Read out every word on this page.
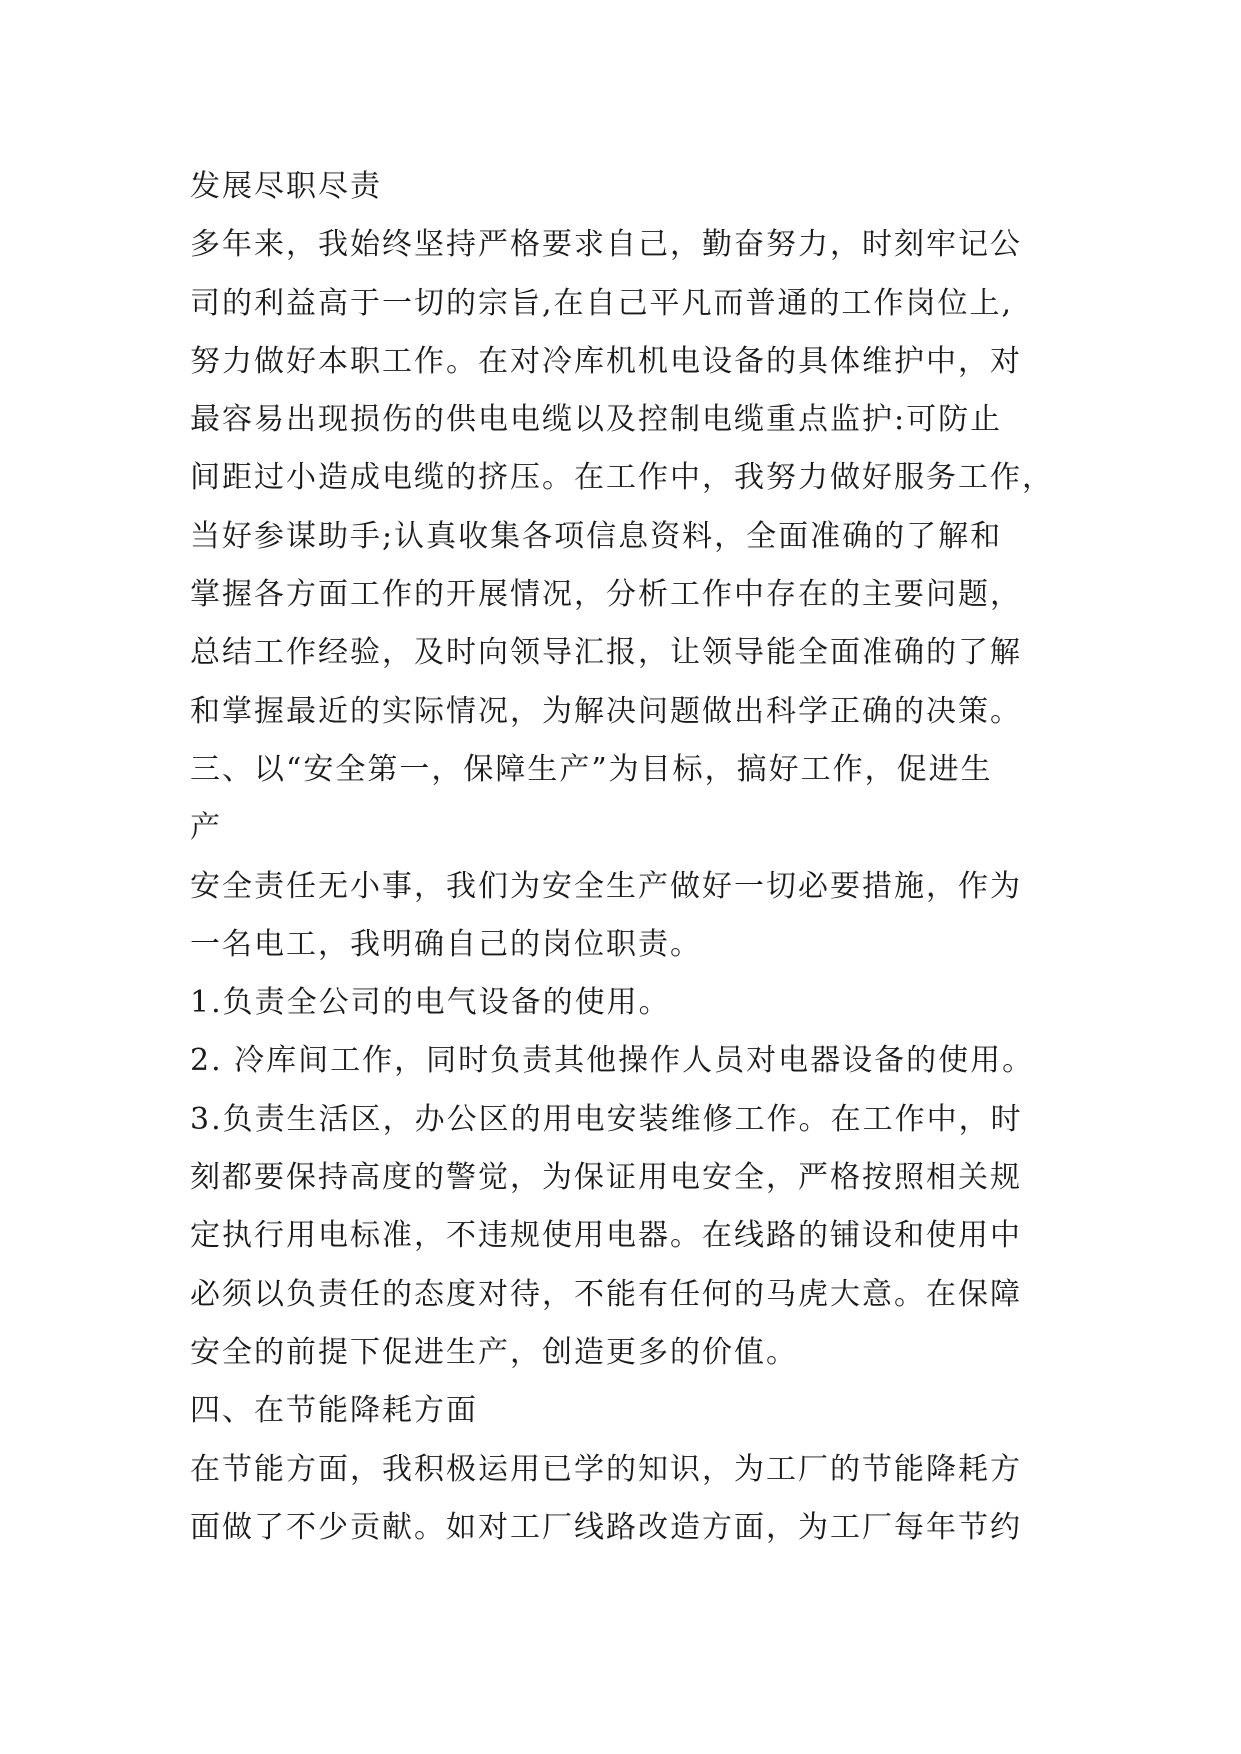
发展尽职尽责
多年来，我始终坚持严格要求自己，勤奋努力，时刻牢记公
司的利益高于一切的宗旨,在自己平凡而普通的工作岗位上,
努力做好本职工作。在对冷库机机电设备的具体维护中，对
最容易出现损伤的供电电缆以及控制电缆重点监护:可防止
间距过小造成电缆的挤压。在工作中，我努力做好服务工作，
当好参谋助手;认真收集各项信息资料，全面准确的了解和
掌握各方面工作的开展情况，分析工作中存在的主要问题，
总结工作经验，及时向领导汇报，让领导能全面准确的了解
和掌握最近的实际情况，为解决问题做出科学正确的决策。
三、以“安全第一，保障生产”为目标，搞好工作，促进生
产
安全责任无小事，我们为安全生产做好一切必要措施，作为
一名电工，我明确自己的岗位职责。
1.负责全公司的电气设备的使用。
2. 冷库间工作，同时负责其他操作人员对电器设备的使用。
3.负责生活区，办公区的用电安装维修工作。在工作中，时
刻都要保持高度的警觉，为保证用电安全，严格按照相关规
定执行用电标准，不违规使用电器。在线路的铺设和使用中
必须以负责任的态度对待，不能有任何的马虎大意。在保障
安全的前提下促进生产，创造更多的价值。
四、在节能降耗方面
在节能方面，我积极运用已学的知识，为工厂的节能降耗方
面做了不少贡献。如对工厂线路改造方面，为工厂每年节约
